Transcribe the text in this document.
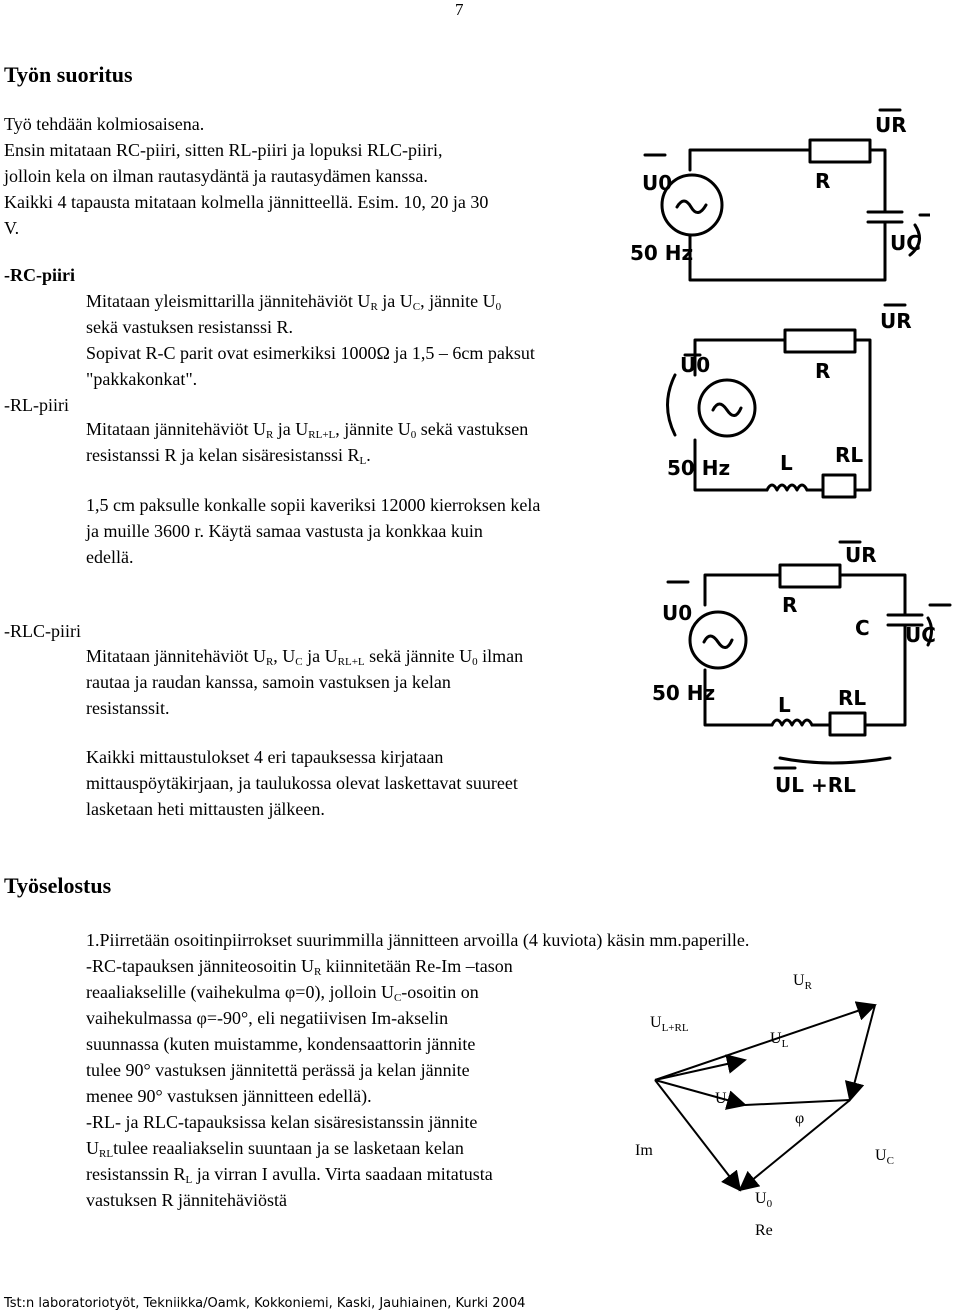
7
Työn suoritus
Työ tehdään kolmiosaisena.
Ensin mitataan RC-piiri, sitten RL-piiri ja lopuksi RLC-piiri,
jolloin kela on ilman rautasydäntä ja rautasydämen kanssa.
Kaikki 4 tapausta mitataan kolmella jännitteellä. Esim. 10, 20 ja 30
V.
-RC-piiri
Mitataan yleismittarilla jännitehäviöt $U_R$ ja $U_C$, jännite $U_0$
sekä vastuksen resistanssi R.
Sopivat R-C parit ovat esimerkiksi 1000Ω ja 1,5 – 6cm paksut
"pakkakonkat".
-RL-piiri
Mitataan jännitehäviöt $U_R$ ja $U_{RL+L}$, jännite $U_0$ sekä vastuksen
resistanssi R ja kelan sisäresistanssi $R_L$.
1,5 cm paksulle konkalle sopii kaveriksi 12000 kierroksen kela
ja muille 3600 r. Käytä samaa vastusta ja konkkaa kuin
edellä.
-RLC-piiri
Mitataan jännitehäviöt $U_R$, $U_C$ ja $U_{RL+L}$ sekä jännite $U_0$ ilman
rautaa ja raudan kanssa, samoin vastuksen ja kelan
resistanssit.
Kaikki mittaustulokset 4 eri tapauksessa kirjataan
mittauspöytäkirjaan, ja taulukossa olevat laskettavat suureet
lasketaan heti mittausten jälkeen.
U0
UR
R
UC
50 Hz
U0
UR
R
L RL
50 Hz
U0
UR
R
C UC
L RL
50 Hz
UL +RL
Työselostus
1.Piirretään osoitinpiirrokset suurimmilla jännitteen arvoilla (4 kuviota) käsin mm.paperille.
-RC-tapauksen jänniteosoitin $U_R$ kiinnitetään Re-Im –tason
reaaliakselille (vaihekulma φ=0), jolloin $U_C$-osoitin on
vaihekulmassa φ=-90°, eli negatiivisen Im-akselin
suunnassa (kuten muistamme, kondensaattorin jännite
tulee 90° vastuksen jännitettä perässä ja kelan jännite
menee 90° vastuksen jännitteen edellä).
-RL- ja RLC-tapauksissa kelan sisäresistanssin jännite
$U_{RL}tulee$ reaaliakselin suuntaan ja se lasketaan kelan
resistanssin $R_L$ ja virran I avulla. Virta saadaan mitatusta
vastuksen R jännitehäviöstä
$U_R$
$U_{L+RL}$
$U_L$
$U_{RL}$
φ
Im	$U_C$
$U_0$
Re
Tst:n laboratoriotyöt, Tekniikka/Oamk, Kokkoniemi, Kaski, Jauhiainen, Kurki 2004
